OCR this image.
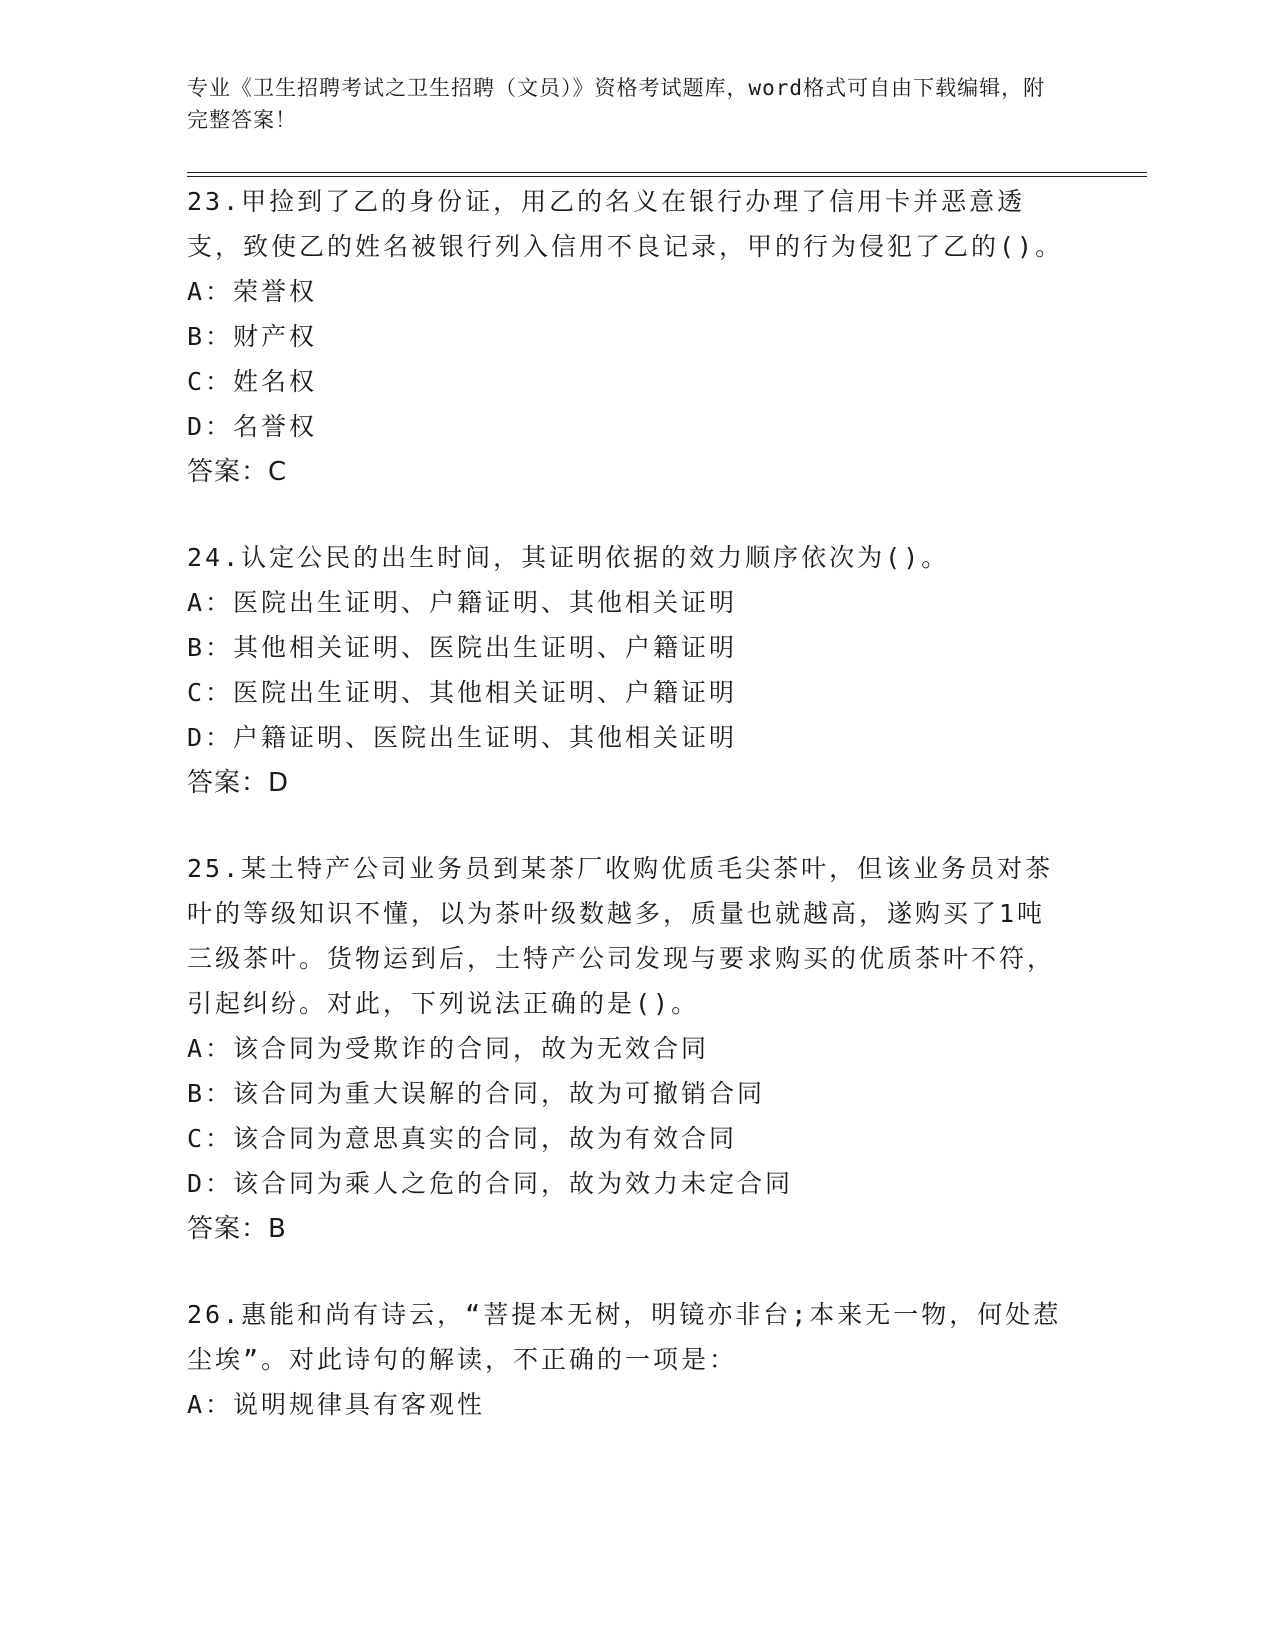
专业《卫生招聘考试之卫生招聘（文员）》资格考试题库，word格式可自由下载编辑，附完整答案！
23.甲捡到了乙的身份证，用乙的名义在银行办理了信用卡并恶意透支，致使乙的姓名被银行列入信用不良记录，甲的行为侵犯了乙的()。
A：荣誉权
B：财产权
C：姓名权
D：名誉权
答案：C
24.认定公民的出生时间，其证明依据的效力顺序依次为()。
A：医院出生证明、户籍证明、其他相关证明
B：其他相关证明、医院出生证明、户籍证明
C：医院出生证明、其他相关证明、户籍证明
D：户籍证明、医院出生证明、其他相关证明
答案：D
25.某土特产公司业务员到某茶厂收购优质毛尖茶叶，但该业务员对茶叶的等级知识不懂，以为茶叶级数越多，质量也就越高，遂购买了1吨三级茶叶。货物运到后，土特产公司发现与要求购买的优质茶叶不符，引起纠纷。对此，下列说法正确的是()。
A：该合同为受欺诈的合同，故为无效合同
B：该合同为重大误解的合同，故为可撤销合同
C：该合同为意思真实的合同，故为有效合同
D：该合同为乘人之危的合同，故为效力未定合同
答案：B
26.惠能和尚有诗云，“菩提本无树，明镜亦非台;本来无一物，何处惹尘埃”。对此诗句的解读，不正确的一项是：
A：说明规律具有客观性
